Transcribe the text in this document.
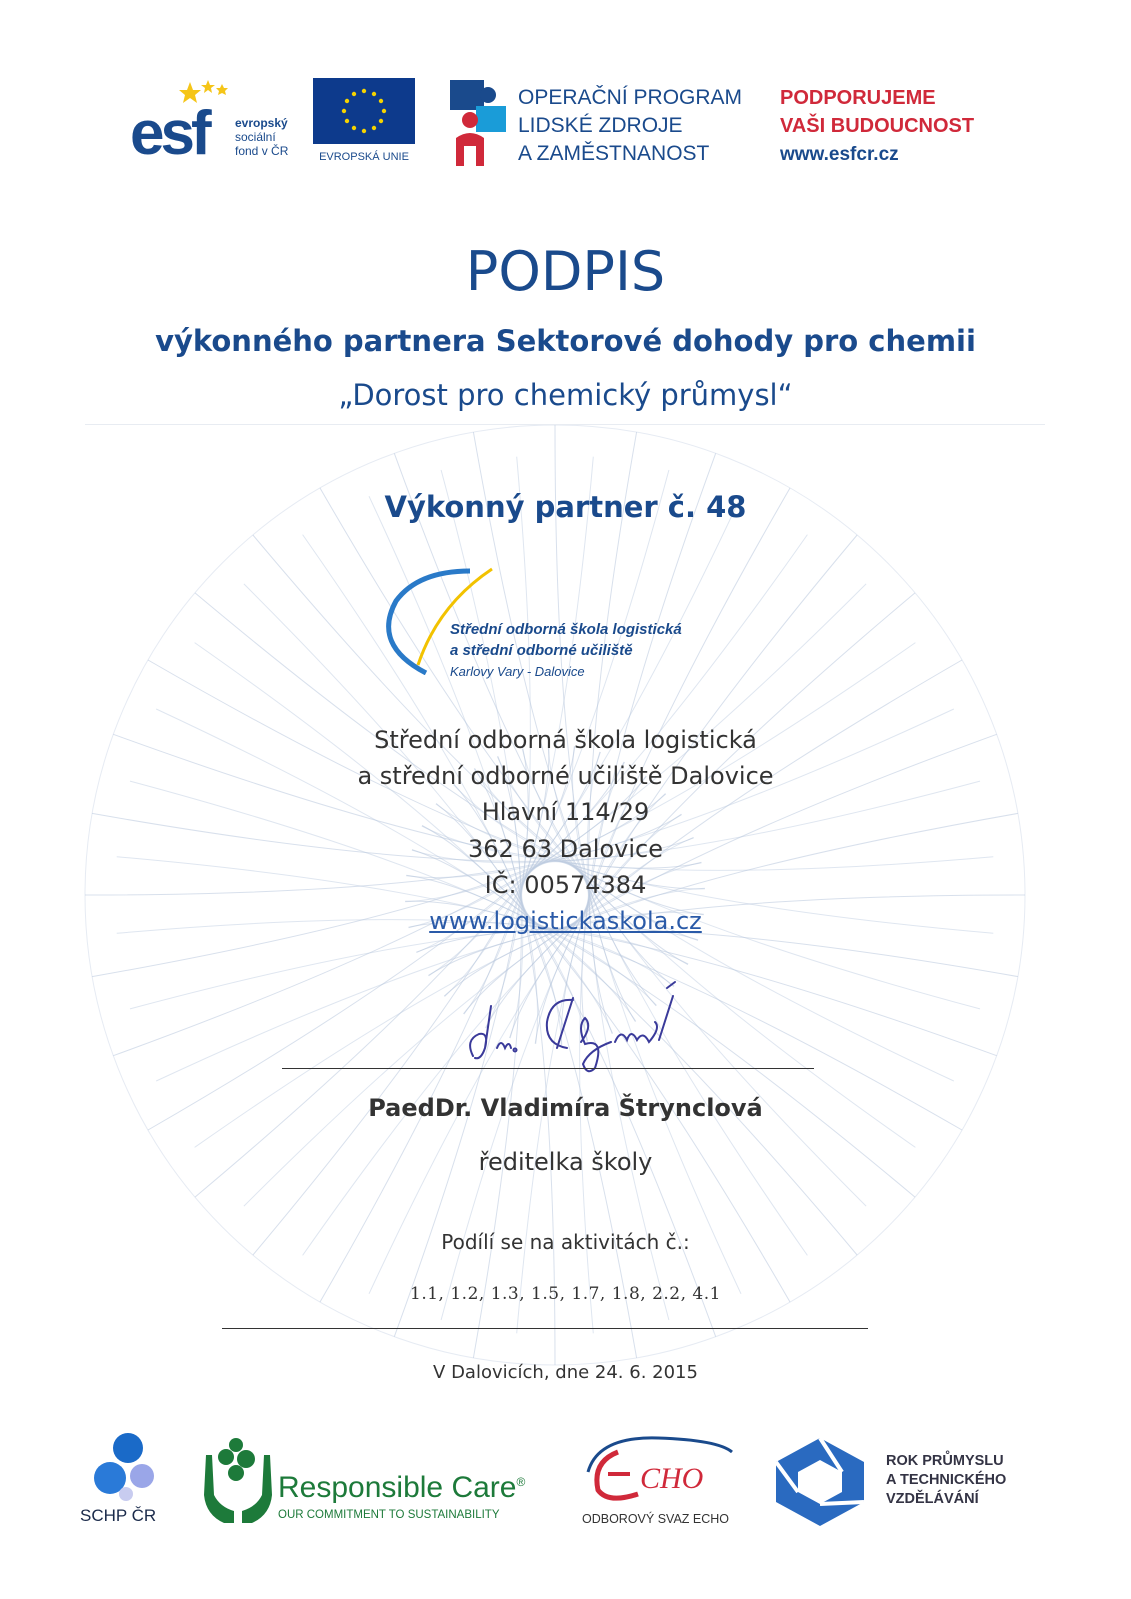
esf evropský
sociální
fond v ČR	EVROPSKÁ UNIE
OPERAČNÍ PROGRAM
LIDSKÉ ZDROJE
A ZAMĚSTNANOST
PODPORUJEME
VAŠI BUDOUCNOST
www.esfcr.cz
PODPIS
výkonného partnera Sektorové dohody pro chemii
„Dorost pro chemický průmysl“
Výkonný partner č. 48
Střední odborná škola logistická
a střední odborné učiliště
Karlovy Vary - Dalovice
Střední odborná škola logistická
a střední odborné učiliště Dalovice
Hlavní 114/29
362 63 Dalovice
IČ: 00574384
www.logistickaskola.cz
PaedDr. Vladimíra Štrynclová
ředitelka školy
Podílí se na aktivitách č.:
1.1, 1.2, 1.3, 1.5, 1.7, 1.8, 2.2, 4.1
V Dalovicích, dne 24. 6. 2015
SCHP ČR
Responsible Care®
OUR COMMITMENT TO SUSTAINABILITY
CHO
ODBOROVÝ SVAZ ECHO
ROK PRŮMYSLU
A TECHNICKÉHO
VZDĚLÁVÁNÍ
